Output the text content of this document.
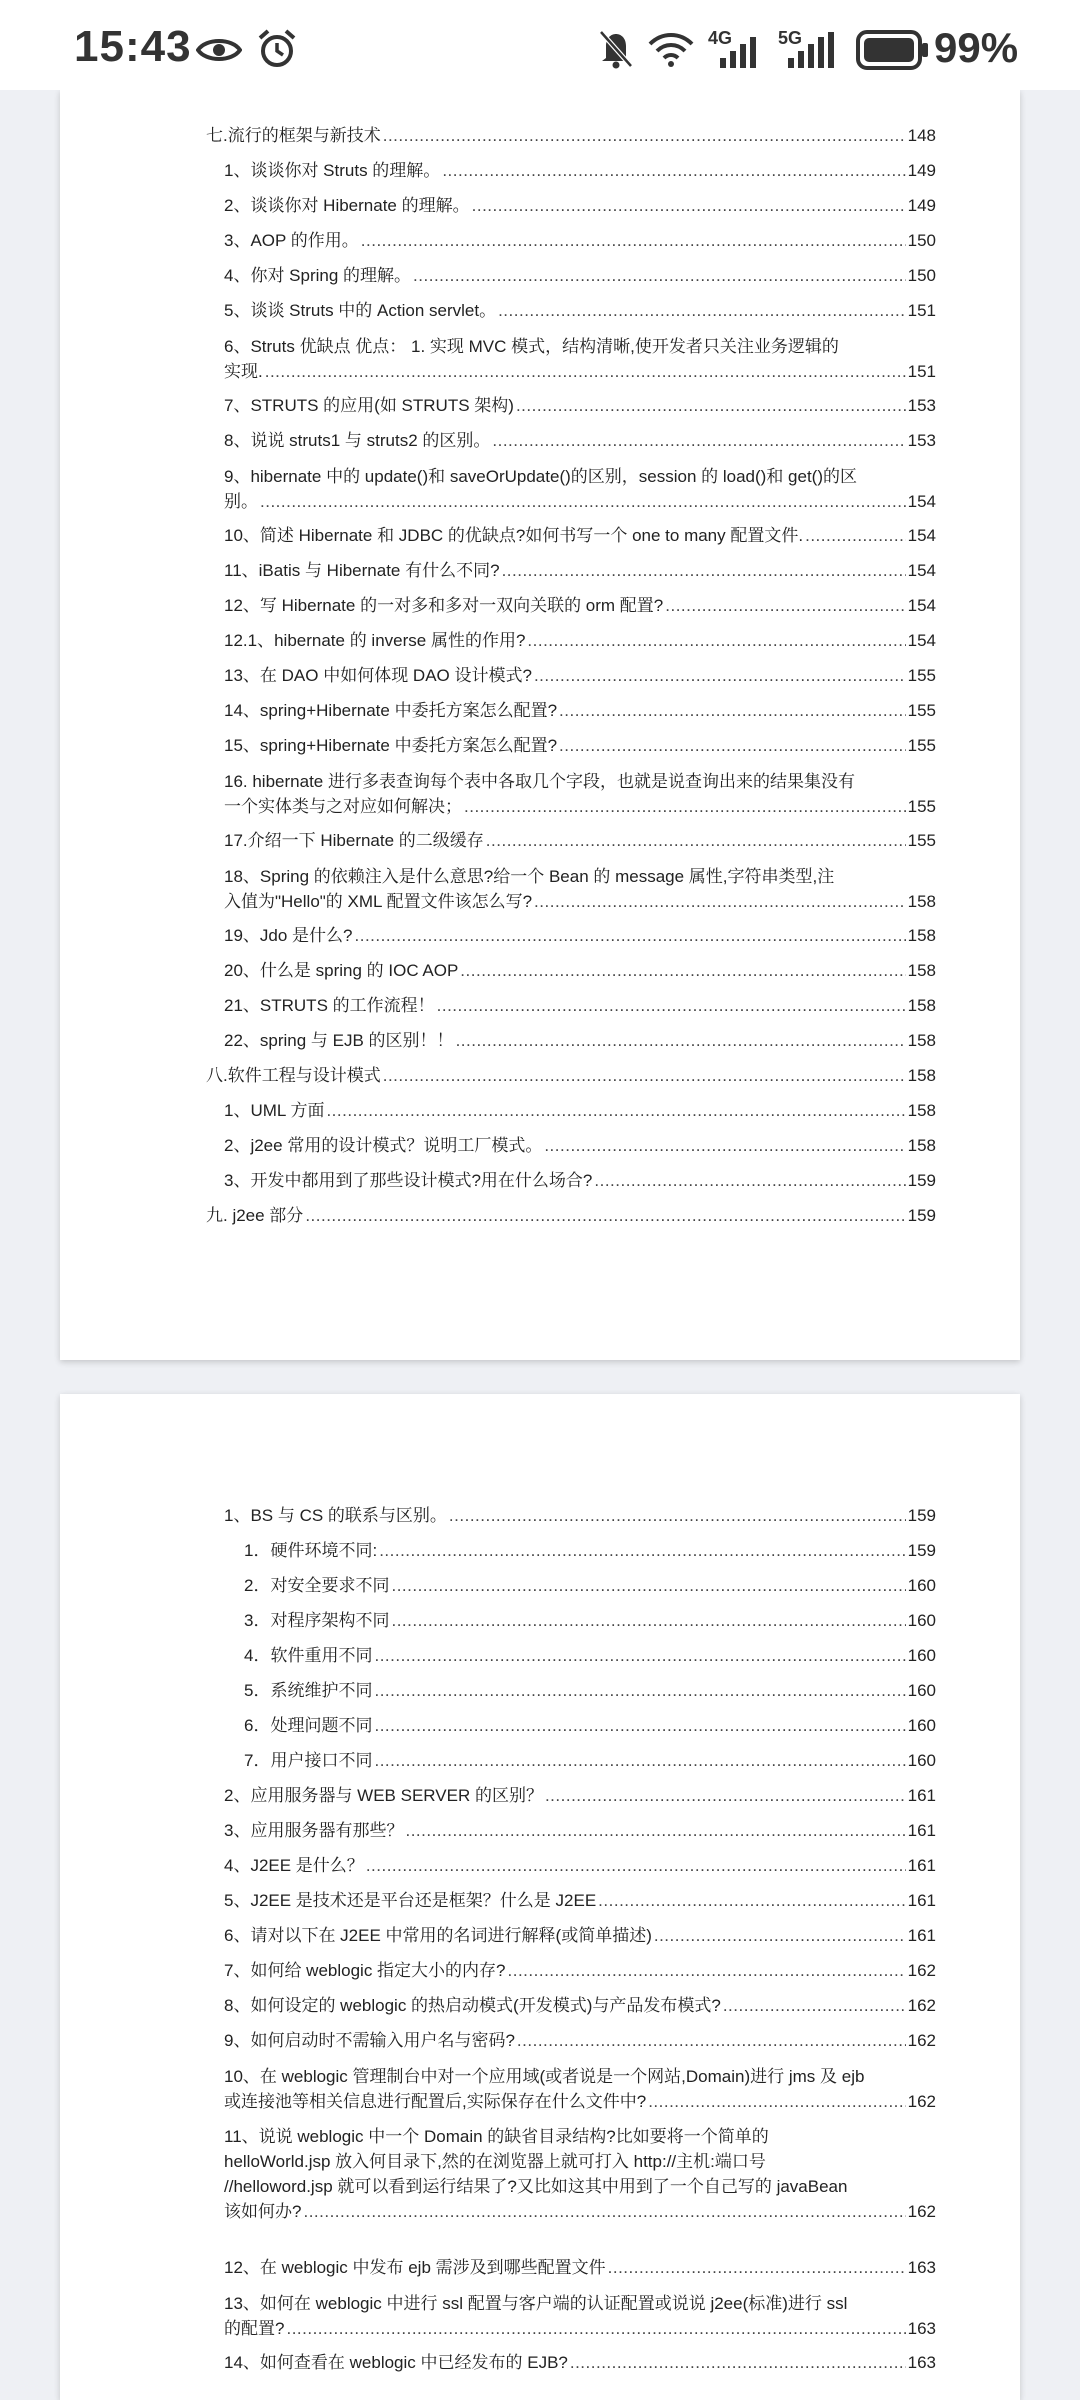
15:43	4G	5G	99%
七.流行的框架与新技术 .....	148
1、谈谈你对 Struts 的理解。 .....	149
2、谈谈你对 Hibernate 的理解。 .....	149
3、AOP 的作用。 .....	150
4、你对 Spring 的理解。 .....	150
5、谈谈 Struts 中的 Action servlet。 .....	151
6、Struts 优缺点 优点： 1. 实现 MVC 模式，结构清晰,使开发者只关注业务逻辑的
实现. .....	151
7、STRUTS 的应用(如 STRUTS 架构) .....	153
8、说说 struts1 与 struts2 的区别。 .....	153
9、hibernate 中的 update()和 saveOrUpdate()的区别，session 的 load()和 get()的区
别。 .....	154
10、简述 Hibernate 和 JDBC 的优缺点?如何书写一个 one to many 配置文件. .....	154
11、iBatis 与 Hibernate 有什么不同? .....	154
12、写 Hibernate 的一对多和多对一双向关联的 orm 配置? .....	154
12.1、hibernate 的 inverse 属性的作用? .....	154
13、在 DAO 中如何体现 DAO 设计模式? .....	155
14、spring+Hibernate 中委托方案怎么配置? .....	155
15、spring+Hibernate 中委托方案怎么配置? .....	155
16. hibernate 进行多表查询每个表中各取几个字段，也就是说查询出来的结果集没有
一个实体类与之对应如何解决； .....	155
17.介绍一下 Hibernate 的二级缓存 .....	155
18、Spring 的依赖注入是什么意思?给一个 Bean 的 message 属性,字符串类型,注
入值为"Hello"的 XML 配置文件该怎么写? .....	158
19、Jdo 是什么? .....	158
20、什么是 spring 的 IOC AOP .....	158
21、STRUTS 的工作流程！ .....	158
22、spring 与 EJB 的区别！！ .....	158
八.软件工程与设计模式 .....	158
1、UML 方面 .....	158
2、j2ee 常用的设计模式？说明工厂模式。 .....	158
3、开发中都用到了那些设计模式?用在什么场合? .....	159
九. j2ee 部分 .....	159
1、BS 与 CS 的联系与区别。 .....	159
1．硬件环境不同: .....	159
2．对安全要求不同 .....	160
3．对程序架构不同 .....	160
4．软件重用不同 .....	160
5．系统维护不同 .....	160
6．处理问题不同 .....	160
7．用户接口不同 .....	160
2、应用服务器与 WEB SERVER 的区别？ .....	161
3、应用服务器有那些？ .....	161
4、J2EE 是什么？ .....	161
5、J2EE 是技术还是平台还是框架？什么是 J2EE .....	161
6、请对以下在 J2EE 中常用的名词进行解释(或简单描述) .....	161
7、如何给 weblogic 指定大小的内存? .....	162
8、如何设定的 weblogic 的热启动模式(开发模式)与产品发布模式? .....	162
9、如何启动时不需输入用户名与密码? .....	162
10、在 weblogic 管理制台中对一个应用域(或者说是一个网站,Domain)进行 jms 及 ejb
或连接池等相关信息进行配置后,实际保存在什么文件中? .....	162
11、说说 weblogic 中一个 Domain 的缺省目录结构?比如要将一个简单的
helloWorld.jsp 放入何目录下,然的在浏览器上就可打入 http://主机:端口号
//helloword.jsp 就可以看到运行结果了?又比如这其中用到了一个自己写的 javaBean
该如何办? .....	162
12、在 weblogic 中发布 ejb 需涉及到哪些配置文件 .....	163
13、如何在 weblogic 中进行 ssl 配置与客户端的认证配置或说说 j2ee(标准)进行 ssl
的配置? .....	163
14、如何查看在 weblogic 中已经发布的 EJB? .....	163
